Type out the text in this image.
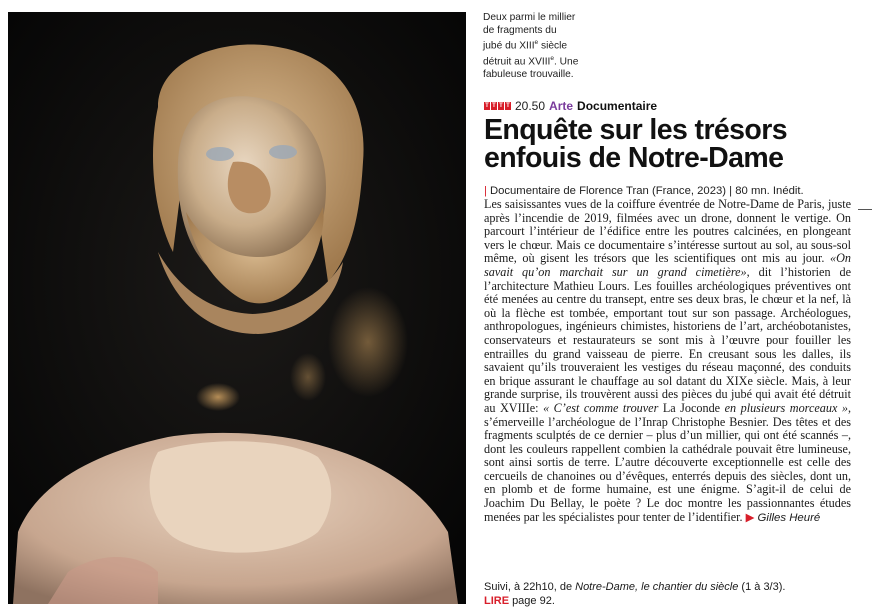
Deux parmi le millier
de fragments du
jubé du XIIIe siècle
détruit au XVIIIe. Une
fabuleuse trouvaille.
T T T T 20.50 Arte Documentaire
Enquête sur les trésors
enfouis de Notre-Dame
| Documentaire de Florence Tran (France, 2023) | 80 mn. Inédit.
Les saisissantes vues de la coiffure éventrée de Notre-Dame de Paris, juste après l’incendie de 2019, filmées avec un drone, donnent le vertige. On parcourt l’intérieur de l’édifice entre les poutres calcinées, en plongeant vers le chœur. Mais ce documentaire s’intéresse surtout au sol, au sous-sol même, où gisent les trésors que les scientifiques ont mis au jour. «On savait qu’on marchait sur un grand cimetière», dit l’historien de l’architecture Mathieu Lours. Les fouilles archéologiques préventives ont été menées au centre du transept, entre ses deux bras, le chœur et la nef, là où la flèche est tombée, emportant tout sur son passage. Archéologues, anthropologues, ingénieurs chimistes, historiens de l’art, archéobotanistes, conservateurs et restaurateurs se sont mis à l’œuvre pour fouiller les entrailles du grand vaisseau de pierre. En creusant sous les dalles, ils savaient qu’ils trouveraient les vestiges du réseau maçonné, des conduits en brique assurant le chauffage au sol datant du XIXe siècle. Mais, à leur grande surprise, ils trouvèrent aussi des pièces du jubé qui avait été détruit au XVIIIe: « C’est comme trouver La Joconde en plusieurs morceaux », s’émerveille l’archéologue de l’Inrap Christophe Besnier. Des têtes et des fragments sculptés de ce dernier – plus d’un millier, qui ont été scannés –, dont les couleurs rappellent combien la cathédrale pouvait être lumineuse, sont ainsi sortis de terre. L’autre découverte exceptionnelle est celle des cercueils de chanoines ou d’évêques, enterrés depuis des siècles, dont un, en plomb et de forme humaine, est une énigme. S’agit-il de celui de Joachim Du Bellay, le poète ? Le doc montre les passionnantes études menées par les spécialistes pour tenter de l’identifier. ▶ Gilles Heuré
Suivi, à 22h10, de Notre-Dame, le chantier du siècle (1 à 3/3).
LIRE page 92.
